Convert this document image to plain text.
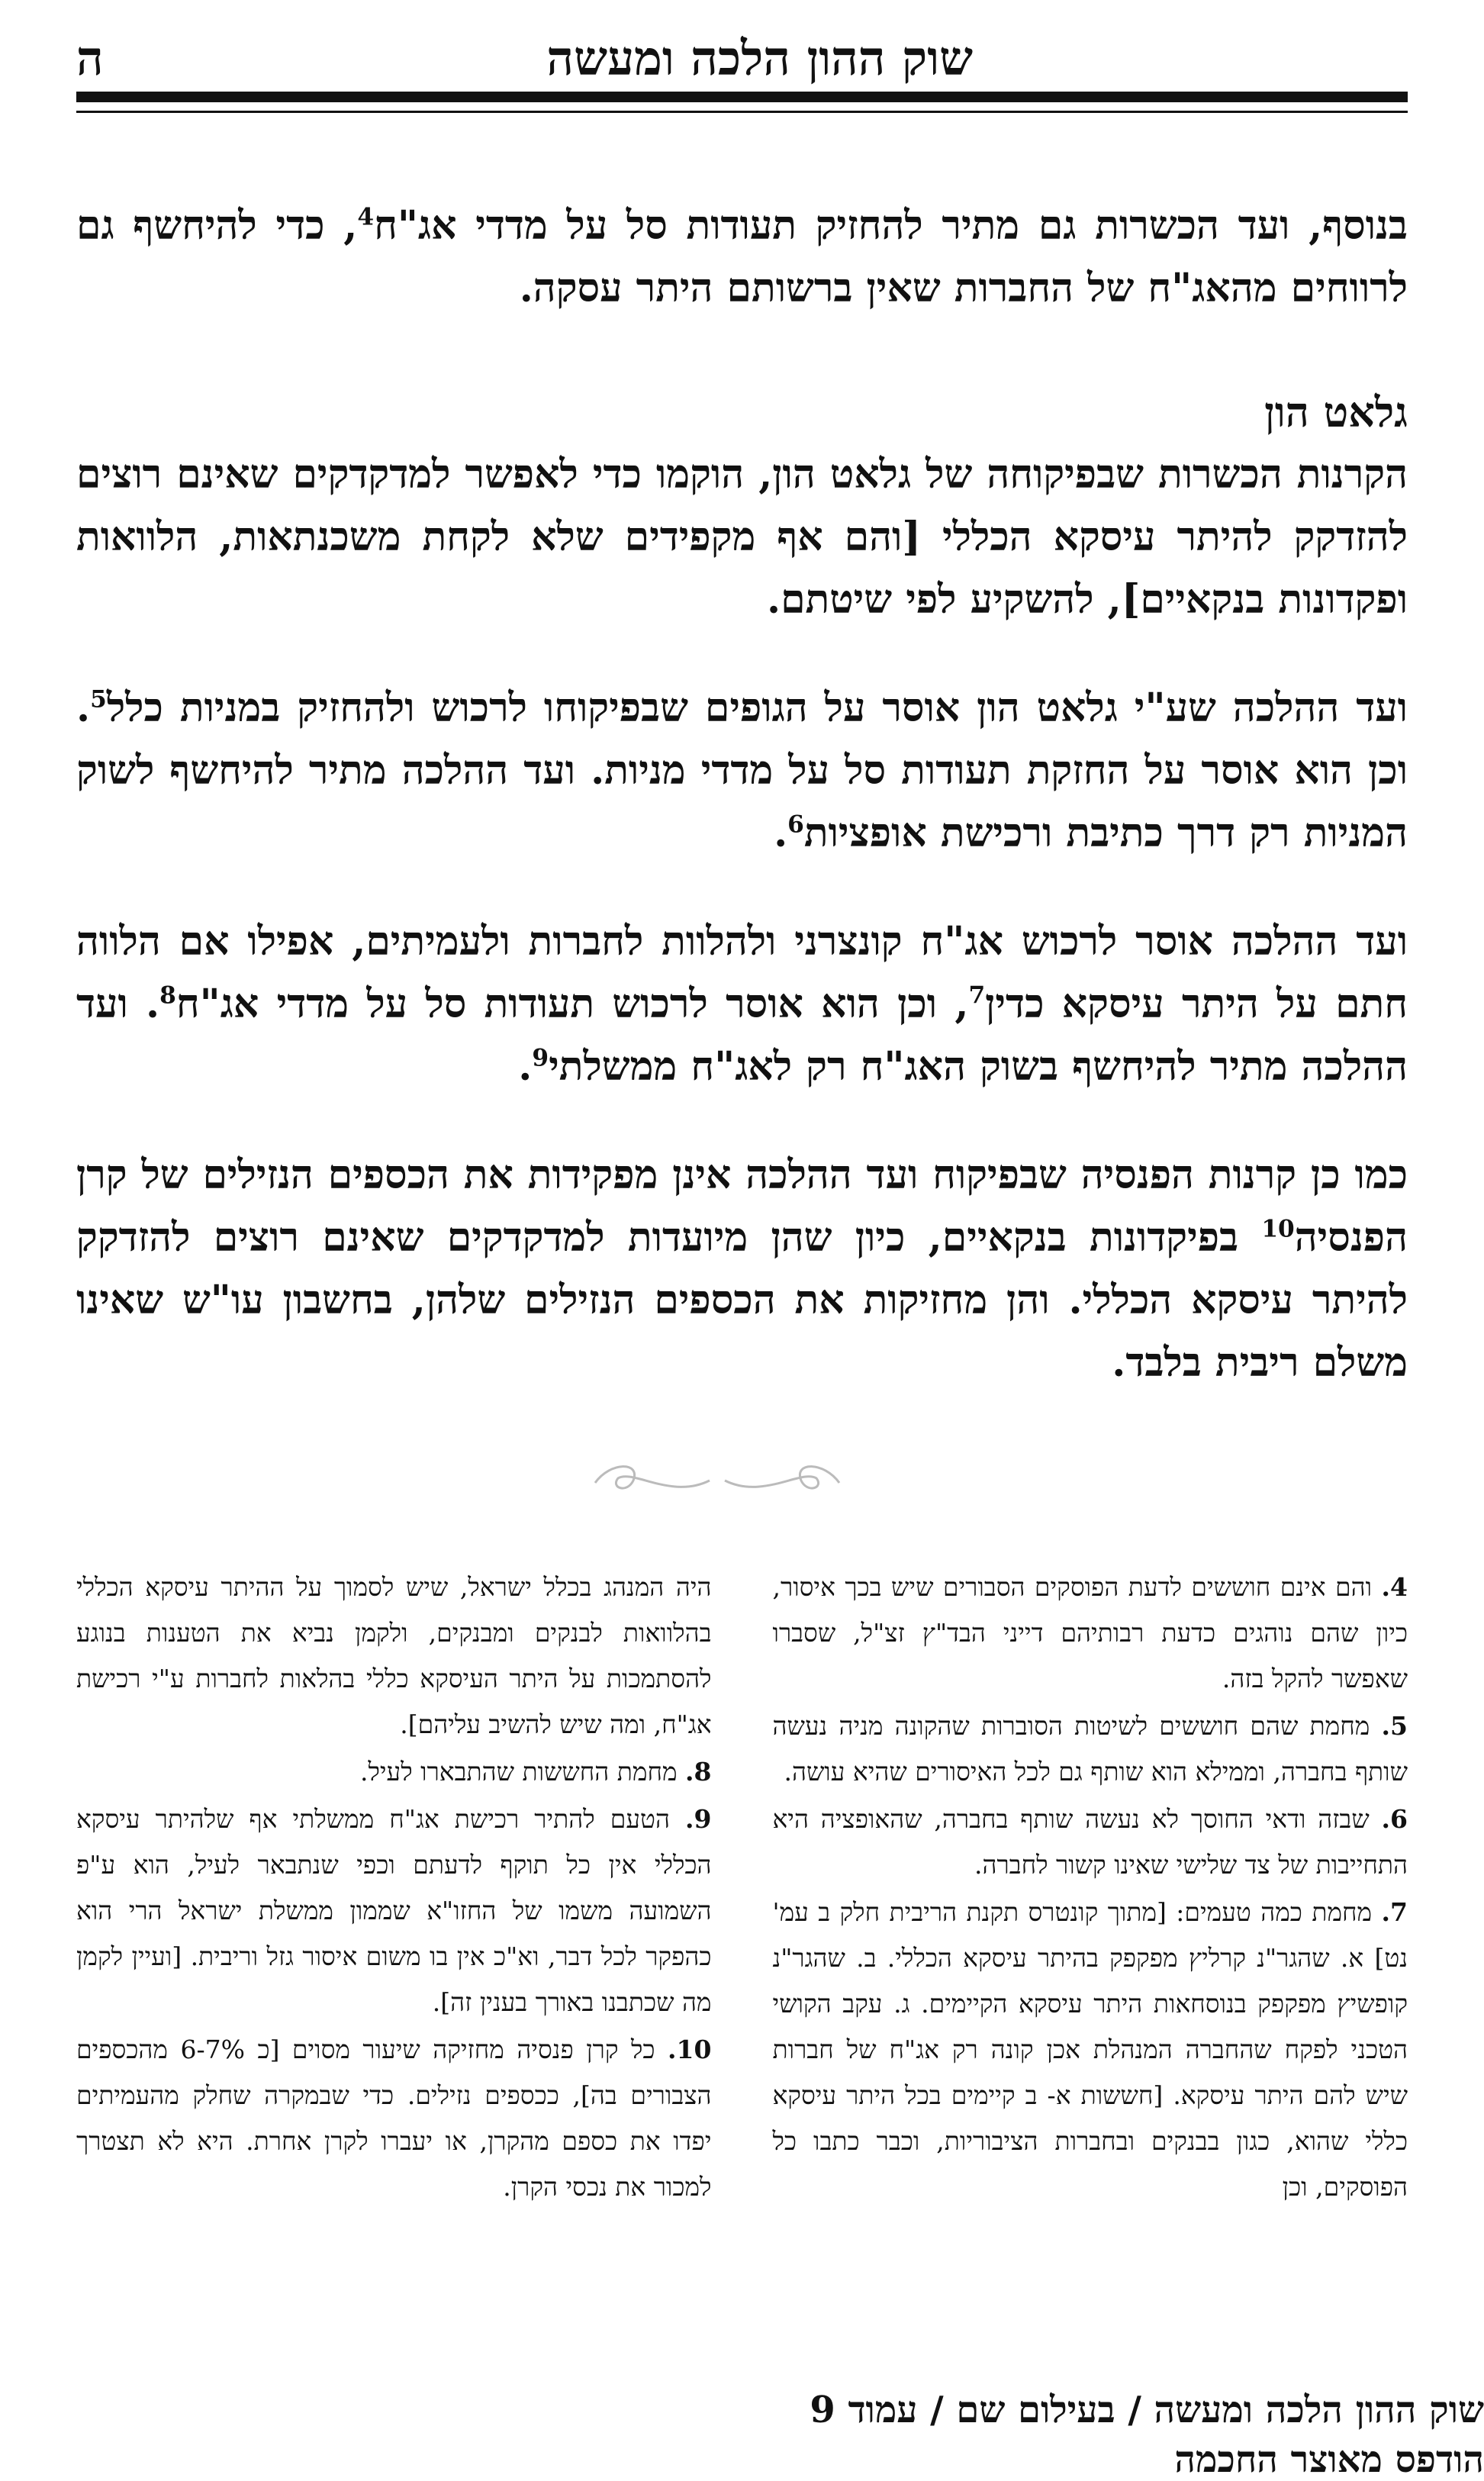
שוק ההון הלכה ומעשה
ה

בנוסף, ועד הכשרות גם מתיר להחזיק תעודות סל על מדדי אג"ח$^4$, כדי להיחשף גם לרווחים מהאג"ח של החברות שאין ברשותם היתר עסקה.

גלאט הון

הקרנות הכשרות שבפיקוחה של גלאט הון, הוקמו כדי לאפשר למדקדקים שאינם רוצים להזדקק להיתר עיסקא הכללי [והם אף מקפידים שלא לקחת משכנתאות, הלוואות ופקדונות בנקאיים], להשקיע לפי שיטתם.

ועד ההלכה שע"י גלאט הון אוסר על הגופים שבפיקוחו לרכוש ולהחזיק במניות כלל$^5$. וכן הוא אוסר על החזקת תעודות סל על מדדי מניות. ועד ההלכה מתיר להיחשף לשוק המניות רק דרך כתיבת ורכישת אופציות$^6$.

ועד ההלכה אוסר לרכוש אג"ח קונצרני ולהלוות לחברות ולעמיתים, אפילו אם הלווה חתם על היתר עיסקא כדין$^7$, וכן הוא אוסר לרכוש תעודות סל על מדדי אג"ח$^8$. ועד ההלכה מתיר להיחשף בשוק האג"ח רק לאג"ח ממשלתי$^9$.

כמו כן קרנות הפנסיה שבפיקוח ועד ההלכה אינן מפקידות את הכספים הנזילים של קרן הפנסיה$^{10}$ בפיקדונות בנקאיים, כיון שהן מיועדות למדקדקים שאינם רוצים להזדקק להיתר עיסקא הכללי. והן מחזיקות את הכספים הנזילים שלהן, בחשבון עו"ש שאינו משלם ריבית בלבד.

4. והם אינם חוששים לדעת הפוסקים הסבורים שיש בכך איסור, כיון שהם נוהגים כדעת רבותיהם דייני הבד"ץ זצ"ל, שסברו שאפשר להקל בזה.
5. מחמת שהם חוששים לשיטות הסוברות שהקונה מניה נעשה שותף בחברה, וממילא הוא שותף גם לכל האיסורים שהיא עושה.
6. שבזה ודאי החוסך לא נעשה שותף בחברה, שהאופציה היא התחייבות של צד שלישי שאינו קשור לחברה.
7. מחמת כמה טעמים: [מתוך קונטרס תקנת הריבית חלק ב עמ' נט] א. שהגר"נ קרליץ מפקפק בהיתר עיסקא הכללי. ב. שהגר"נ קופשיץ מפקפק בנוסחאות היתר עיסקא הקיימים. ג. עקב הקושי הטכני לפקח שהחברה המנהלת אכן קונה רק אג"ח של חברות שיש להם היתר עיסקא. [חששות א- ב קיימים בכל היתר עיסקא כללי שהוא, כגון בבנקים ובחברות הציבוריות, וכבר כתבו כל הפוסקים, וכן
היה המנהג בכלל ישראל, שיש לסמוך על ההיתר עיסקא הכללי בהלוואות לבנקים ומבנקים, ולקמן נביא את הטענות בנוגע להסתמכות על היתר העיסקא כללי בהלאות לחברות ע"י רכישת אג"ח, ומה שיש להשיב עליהם].
8. מחמת החששות שהתבארו לעיל.
9. הטעם להתיר רכישת אג"ח ממשלתי אף שלהיתר עיסקא הכללי אין כל תוקף לדעתם וכפי שנתבאר לעיל, הוא ע"פ השמועה משמו של החזו"א שממון ממשלת ישראל הרי הוא כהפקר לכל דבר, וא"כ אין בו משום איסור גזל וריבית. [ועיין לקמן מה שכתבנו באורך בענין זה].
10. כל קרן פנסיה מחזיקה שיעור מסוים [כ 6-7% מהכספים הצבורים בה], ככספים נזילים. כדי שבמקרה שחלק מהעמיתים יפדו את כספם מהקרן, או יעברו לקרן אחרת. היא לא תצטרך למכור את נכסי הקרן.
שוק ההון הלכה ומעשה / בעילום שם / עמוד 9
הודפס מאוצר החכמה
